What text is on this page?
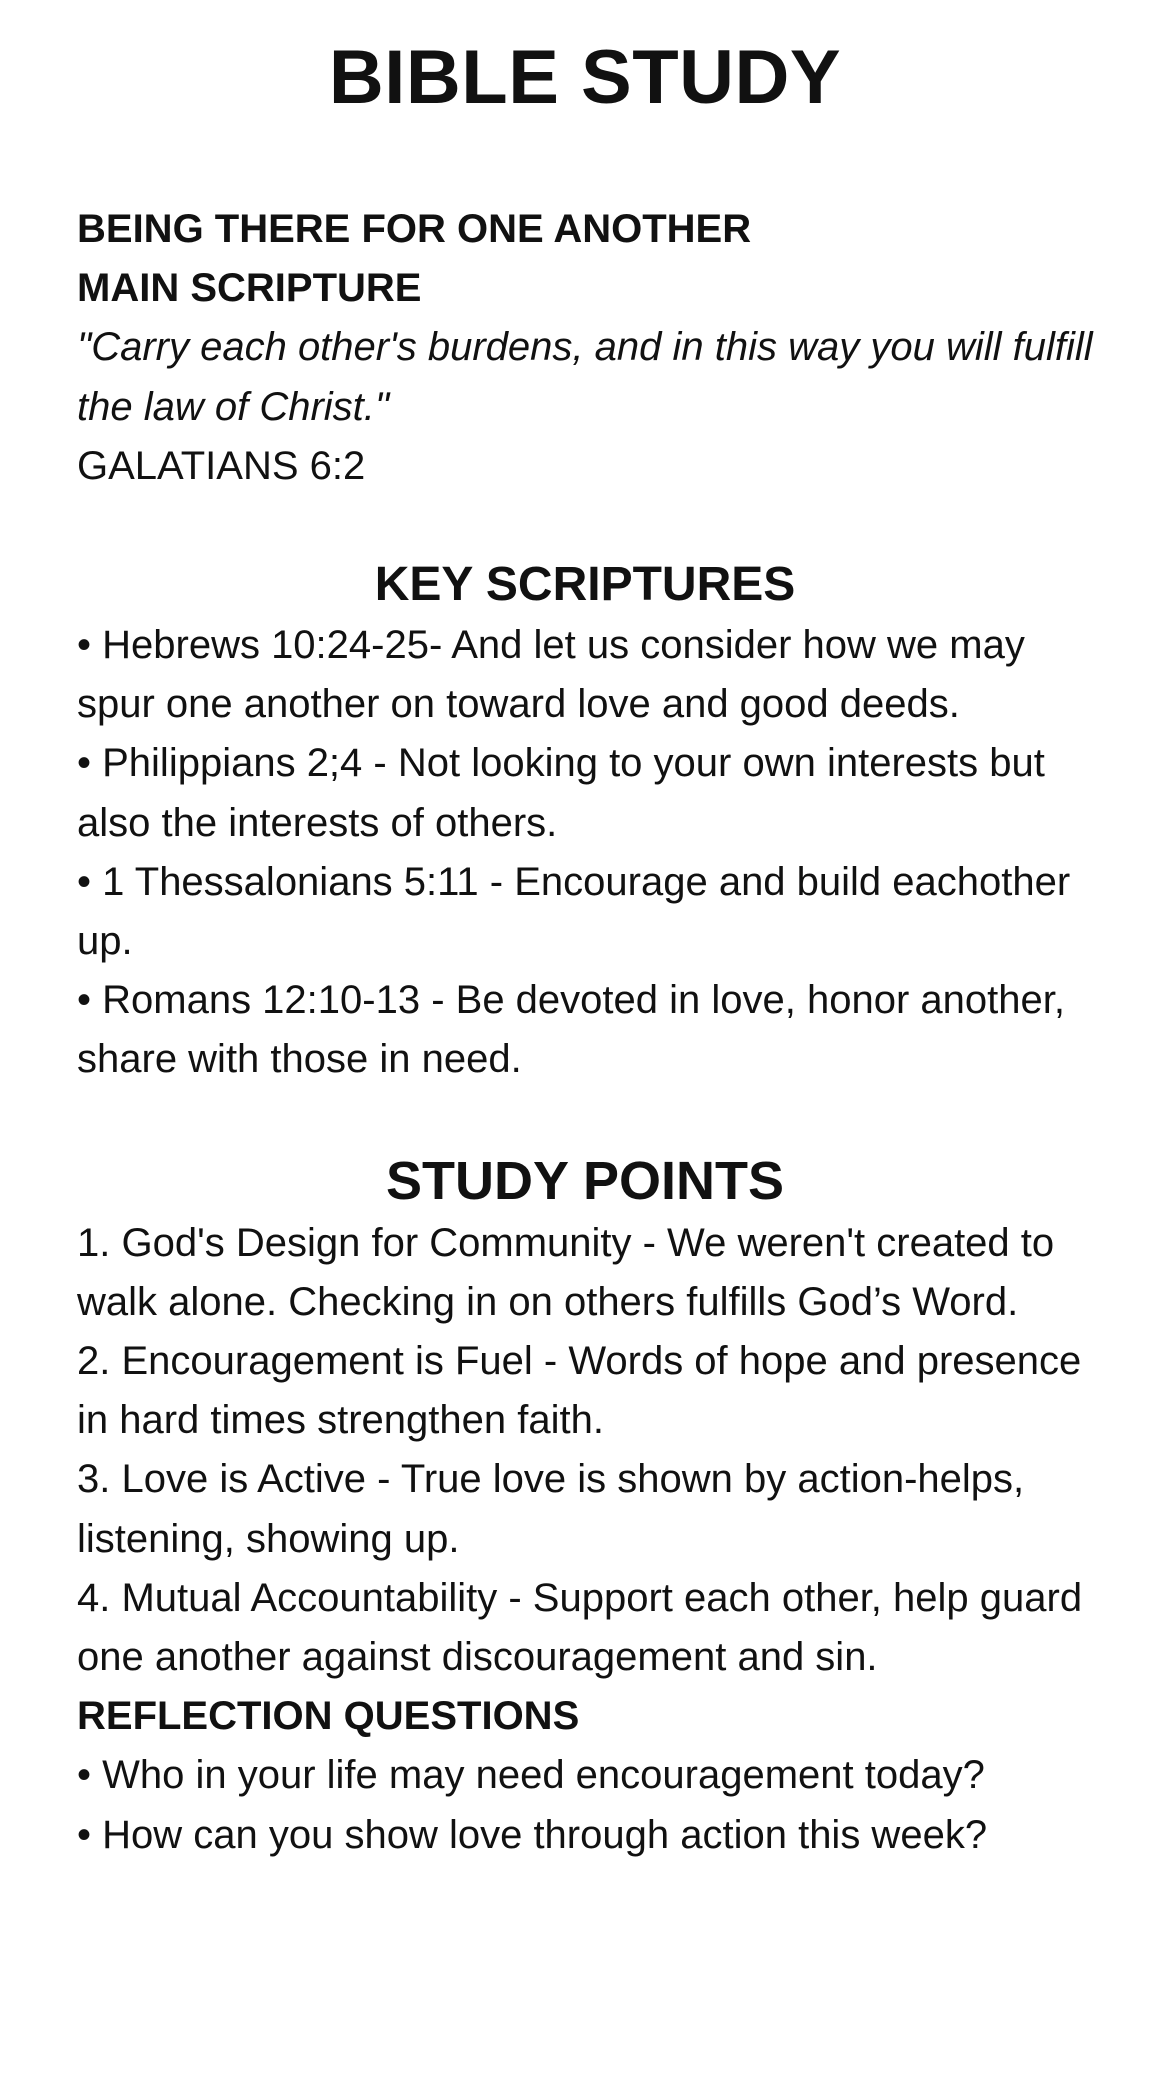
BIBLE STUDY

BEING THERE FOR ONE ANOTHER

MAIN SCRIPTURE

"Carry each other's burdens, and in this way you will fulfill the law of Christ."

GALATIANS 6:2

KEY SCRIPTURES
• Hebrews 10:24-25- And let us consider how we may spur one another on toward love and good deeds.
• Philippians 2;4 - Not looking to your own interests but also the interests of others.
• 1 Thessalonians 5:11 - Encourage and build eachother up.
• Romans 12:10-13 - Be devoted in love, honor another, share with those in need.
STUDY POINTS
1. God's Design for Community - We weren't created to walk alone. Checking in on others fulfills God’s Word.
2. Encouragement is Fuel - Words of hope and presence in hard times strengthen faith.
3. Love is Active - True love is shown by action-helps, listening, showing up.
4. Mutual Accountability - Support each other, help guard one another against discouragement and sin.

REFLECTION QUESTIONS

• Who in your life may need encouragement today?
• How can you show love through action this week?
